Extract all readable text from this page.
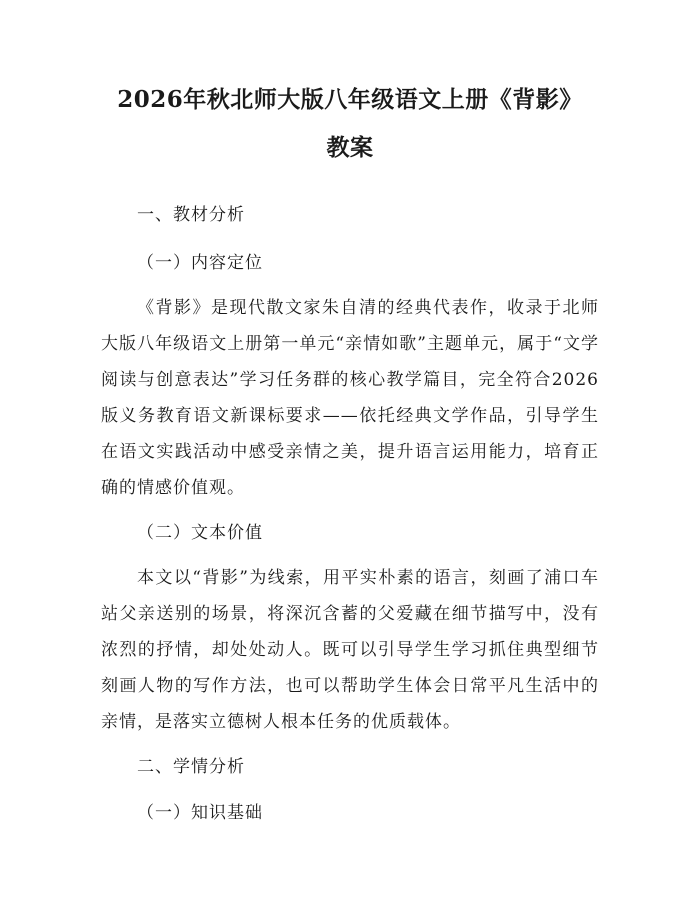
2026年秋北师大版八年级语文上册《背影》
教案

一、教材分析

（一）内容定位

《背影》是现代散文家朱自清的经典代表作，收录于北师大版八年级语文上册第一单元“亲情如歌”主题单元，属于“文学阅读与创意表达”学习任务群的核心教学篇目，完全符合2026版义务教育语文新课标要求——依托经典文学作品，引导学生在语文实践活动中感受亲情之美，提升语言运用能力，培育正确的情感价值观。

（二）文本价值

本文以“背影”为线索，用平实朴素的语言，刻画了浦口车站父亲送别的场景，将深沉含蓄的父爱藏在细节描写中，没有浓烈的抒情，却处处动人。既可以引导学生学习抓住典型细节刻画人物的写作方法，也可以帮助学生体会日常平凡生活中的亲情，是落实立德树人根本任务的优质载体。

二、学情分析

（一）知识基础
